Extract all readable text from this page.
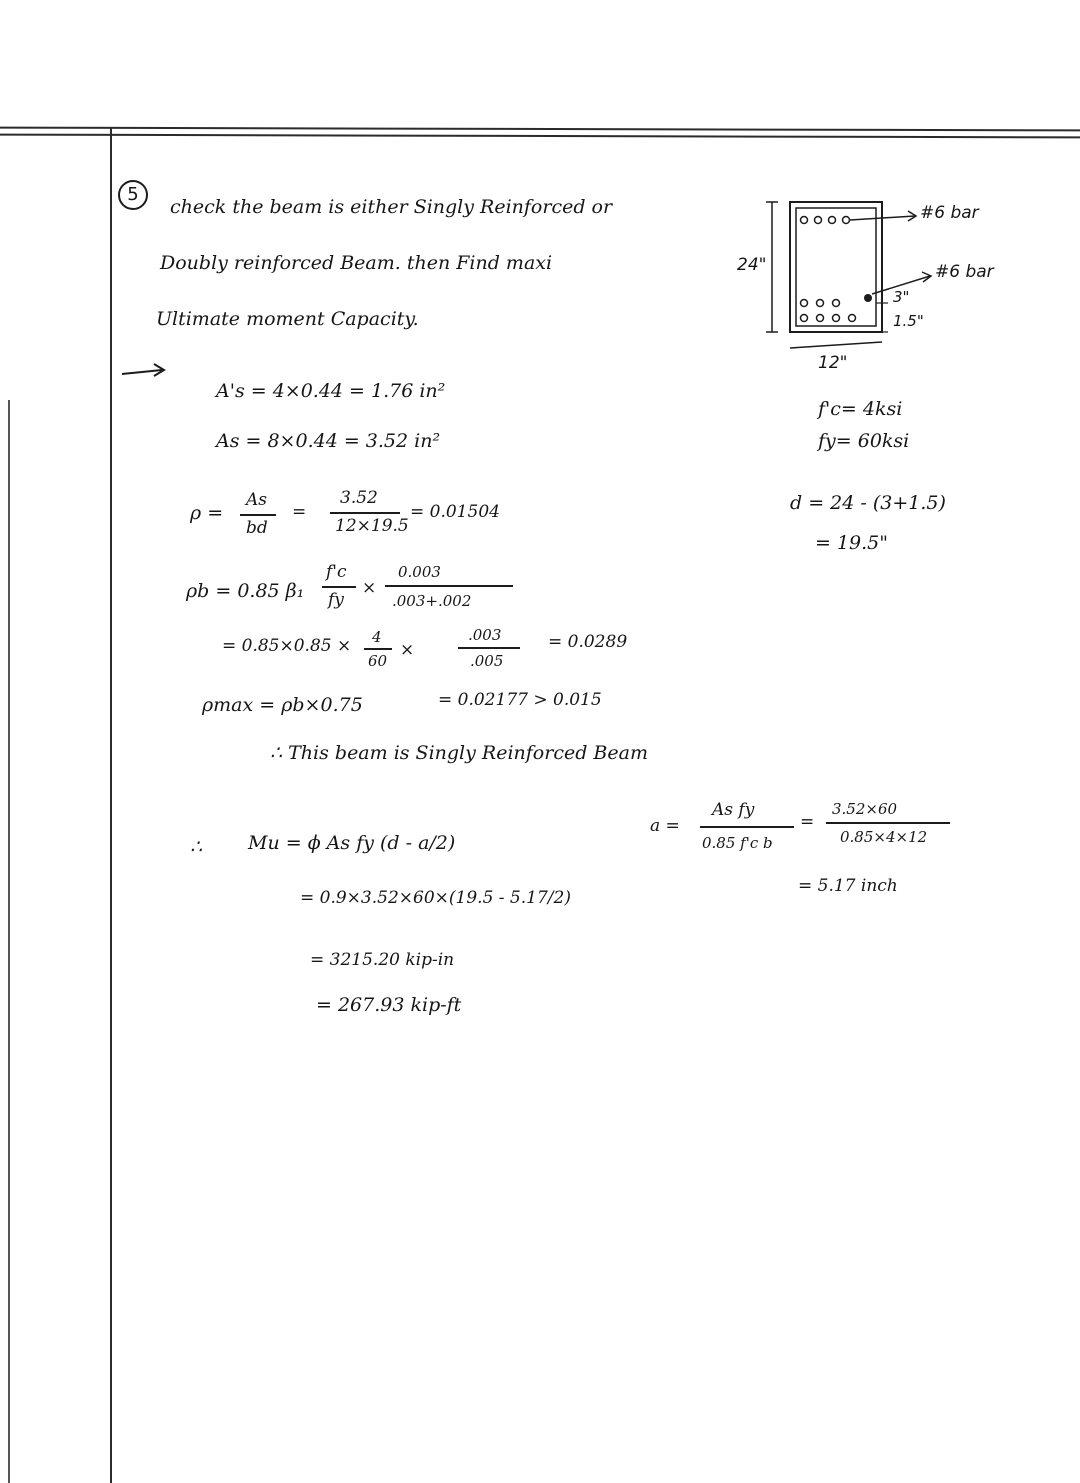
5
check the beam is either Singly Reinforced or
Doubly reinforced Beam. then Find maxi
Ultimate moment Capacity.
24"
12"
#6 bar
#6 bar
3"
1.5"
f'c= 4ksi
fy= 60ksi
d = 24 - (3+1.5)
= 19.5"
A's = 4×0.44 = 1.76 in²
As = 8×0.44 = 3.52 in²
ρ =
As
bd
=
3.52
12×19.5
= 0.01504
ρb = 0.85 β₁
f'c
fy
×
0.003
.003+.002
= 0.85×0.85 × 4
60
×
.003
.005
= 0.0289
ρmax = ρb×0.75	= 0.02177 > 0.015
∴ This beam is Singly Reinforced Beam
a =
As fy
0.85 f'c b
=
3.52×60
0.85×4×12
= 5.17 inch
∴ Mu = ϕ As fy (d - a/2)
= 0.9×3.52×60×(19.5 - 5.17/2)
= 3215.20 kip-in
= 267.93 kip-ft
